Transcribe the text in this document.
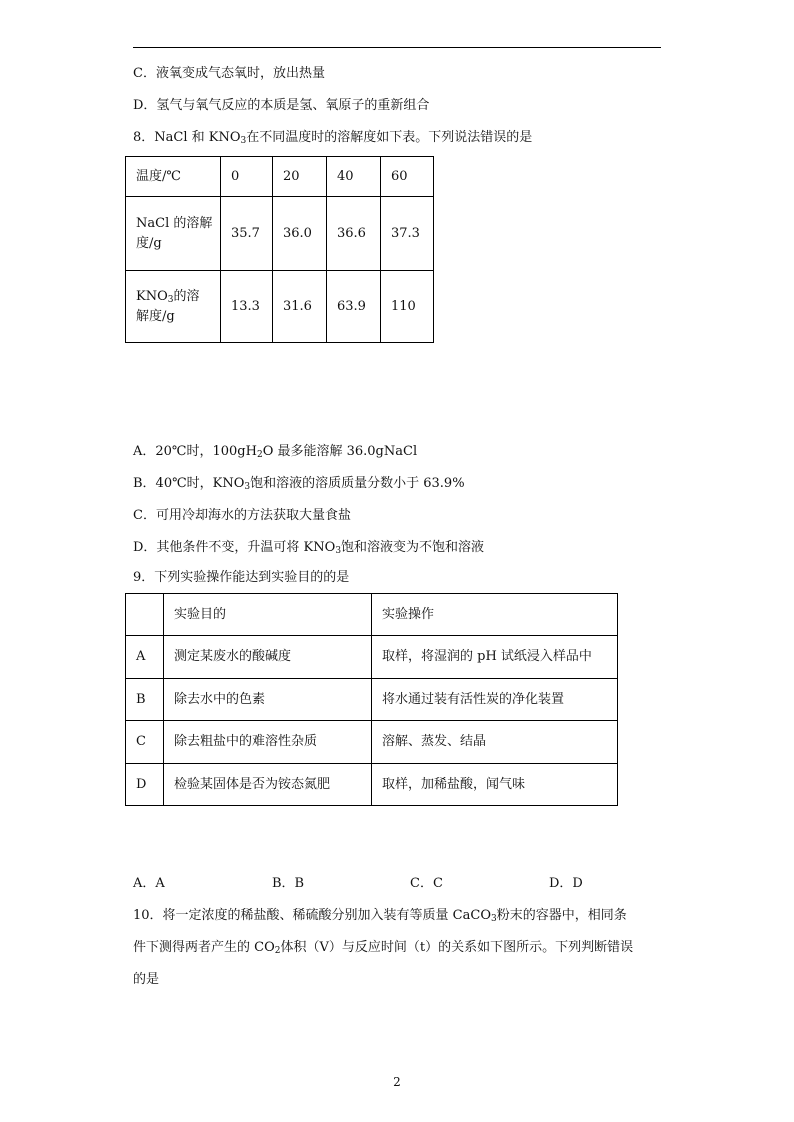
C．液氧变成气态氧时，放出热量
D．氢气与氧气反应的本质是氢、氧原子的重新组合
8．NaCl 和 $KNO_3$在不同温度时的溶解度如下表。下列说法错误的是
温度/℃	0	20	40	60
NaCl 的溶解
度/g	35.7	36.0	36.6	37.3
$KNO_3$的溶
解度/g	13.3	31.6	63.9	110
A．20℃时，$100gH_2O$ 最多能溶解 36.0gNaCl
B．40℃时，$KNO_3$饱和溶液的溶质质量分数小于 63.9%
C．可用冷却海水的方法获取大量食盐
D．其他条件不变，升温可将 $KNO_3$饱和溶液变为不饱和溶液
9．下列实验操作能达到实验目的的是
	实验目的	实验操作
A	测定某废水的酸碱度	取样，将湿润的 pH 试纸浸入样品中
B	除去水中的色素	将水通过装有活性炭的净化装置
C	除去粗盐中的难溶性杂质	溶解、蒸发、结晶
D	检验某固体是否为铵态氮肥	取样，加稀盐酸，闻气味
A．A	B．B	C．C	D．D
10．将一定浓度的稀盐酸、稀硫酸分别加入装有等质量 CaCO$_3$粉末的容器中，相同条
件下测得两者产生的 $CO_2$体积（V）与反应时间（t）的关系如下图所示。下列判断错误
的是
2
